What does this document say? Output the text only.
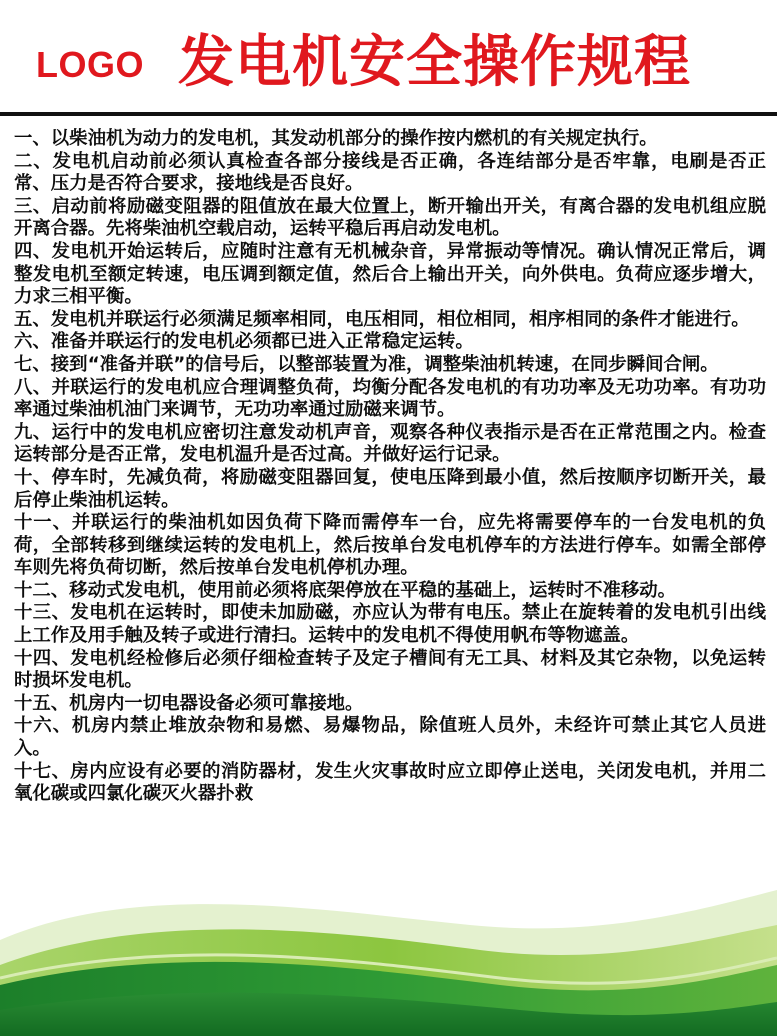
LOGO 发电机安全操作规程
一、以柴油机为动力的发电机，其发动机部分的操作按内燃机的有关规定执行。
二、发电机启动前必须认真检查各部分接线是否正确，各连结部分是否牢靠，电刷是否正常、压力是否符合要求，接地线是否良好。
三、启动前将励磁变阻器的阻值放在最大位置上，断开输出开关，有离合器的发电机组应脱开离合器。先将柴油机空载启动，运转平稳后再启动发电机。
四、发电机开始运转后，应随时注意有无机械杂音，异常振动等情况。确认情况正常后，调整发电机至额定转速，电压调到额定值，然后合上输出开关，向外供电。负荷应逐步增大，力求三相平衡。
五、发电机并联运行必须满足频率相同，电压相同，相位相同，相序相同的条件才能进行。
六、准备并联运行的发电机必须都已进入正常稳定运转。
七、接到“准备并联”的信号后，以整部装置为准，调整柴油机转速，在同步瞬间合闸。
八、并联运行的发电机应合理调整负荷，均衡分配各发电机的有功功率及无功功率。有功功率通过柴油机油门来调节，无功功率通过励磁来调节。
九、运行中的发电机应密切注意发动机声音，观察各种仪表指示是否在正常范围之内。检查运转部分是否正常，发电机温升是否过高。并做好运行记录。
十、停车时，先减负荷，将励磁变阻器回复，使电压降到最小值，然后按顺序切断开关，最后停止柴油机运转。
十一、并联运行的柴油机如因负荷下降而需停车一台，应先将需要停车的一台发电机的负荷，全部转移到继续运转的发电机上，然后按单台发电机停车的方法进行停车。如需全部停车则先将负荷切断，然后按单台发电机停机办理。
十二、移动式发电机，使用前必须将底架停放在平稳的基础上，运转时不准移动。
十三、发电机在运转时，即使未加励磁，亦应认为带有电压。禁止在旋转着的发电机引出线上工作及用手触及转子或进行清扫。运转中的发电机不得使用帆布等物遮盖。
十四、发电机经检修后必须仔细检查转子及定子槽间有无工具、材料及其它杂物，以免运转时损坏发电机。
十五、机房内一切电器设备必须可靠接地。
十六、机房内禁止堆放杂物和易燃、易爆物品，除值班人员外，未经许可禁止其它人员进入。
十七、房内应设有必要的消防器材，发生火灾事故时应立即停止送电，关闭发电机，并用二氧化碳或四氯化碳灭火器扑救
